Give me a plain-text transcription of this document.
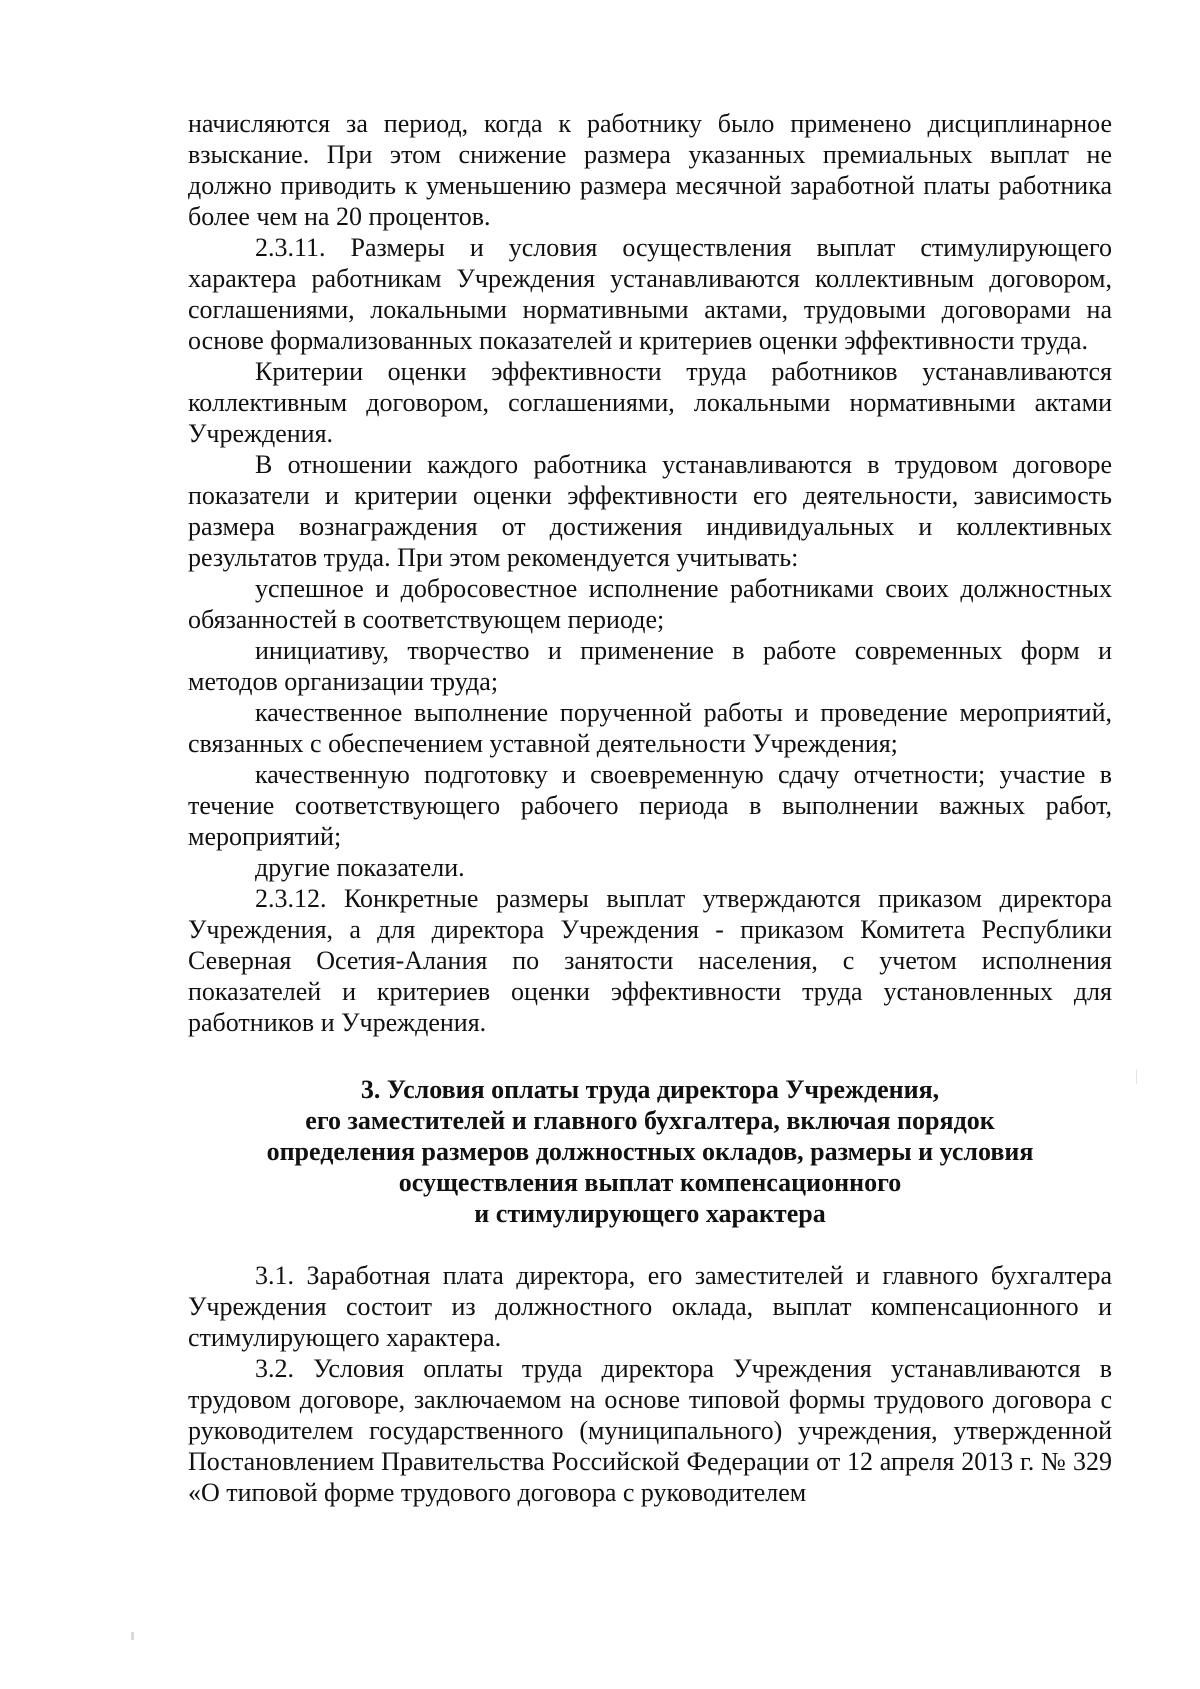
начисляются за период, когда к работнику было применено дисциплинарное взыскание. При этом снижение размера указанных премиальных выплат не должно приводить к уменьшению размера месячной заработной платы работника более чем на 20 процентов.

2.3.11. Размеры и условия осуществления выплат стимулирующего характера работникам Учреждения устанавливаются коллективным договором, соглашениями, локальными нормативными актами, трудовыми договорами на основе формализованных показателей и критериев оценки эффективности труда.

Критерии оценки эффективности труда работников устанавливаются коллективным договором, соглашениями, локальными нормативными актами Учреждения.

В отношении каждого работника устанавливаются в трудовом договоре показатели и критерии оценки эффективности его деятельности, зависимость размера вознаграждения от достижения индивидуальных и коллективных результатов труда. При этом рекомендуется учитывать:

успешное и добросовестное исполнение работниками своих должностных обязанностей в соответствующем периоде;

инициативу, творчество и применение в работе современных форм и методов организации труда;

качественное выполнение порученной работы и проведение мероприятий, связанных с обеспечением уставной деятельности Учреждения;

качественную подготовку и своевременную сдачу отчетности; участие в течение соответствующего рабочего периода в выполнении важных работ, мероприятий;

другие показатели.

2.3.12. Конкретные размеры выплат утверждаются приказом директора Учреждения, а для директора Учреждения - приказом Комитета Республики Северная Осетия-Алания по занятости населения, с учетом исполнения показателей и критериев оценки эффективности труда установленных для работников и Учреждения.

3. Условия оплаты труда директора Учреждения,
его заместителей и главного бухгалтера, включая порядок
определения размеров должностных окладов, размеры и условия
осуществления выплат компенсационного
и стимулирующего характера

3.1. Заработная плата директора, его заместителей и главного бухгалтера Учреждения состоит из должностного оклада, выплат компенсационного и стимулирующего характера.

3.2. Условия оплаты труда директора Учреждения устанавливаются в трудовом договоре, заключаемом на основе типовой формы трудового договора с руководителем государственного (муниципального) учреждения, утвержденной Постановлением Правительства Российской Федерации от 12 апреля 2013 г. № 329 «О типовой форме трудового договора с руководителем
